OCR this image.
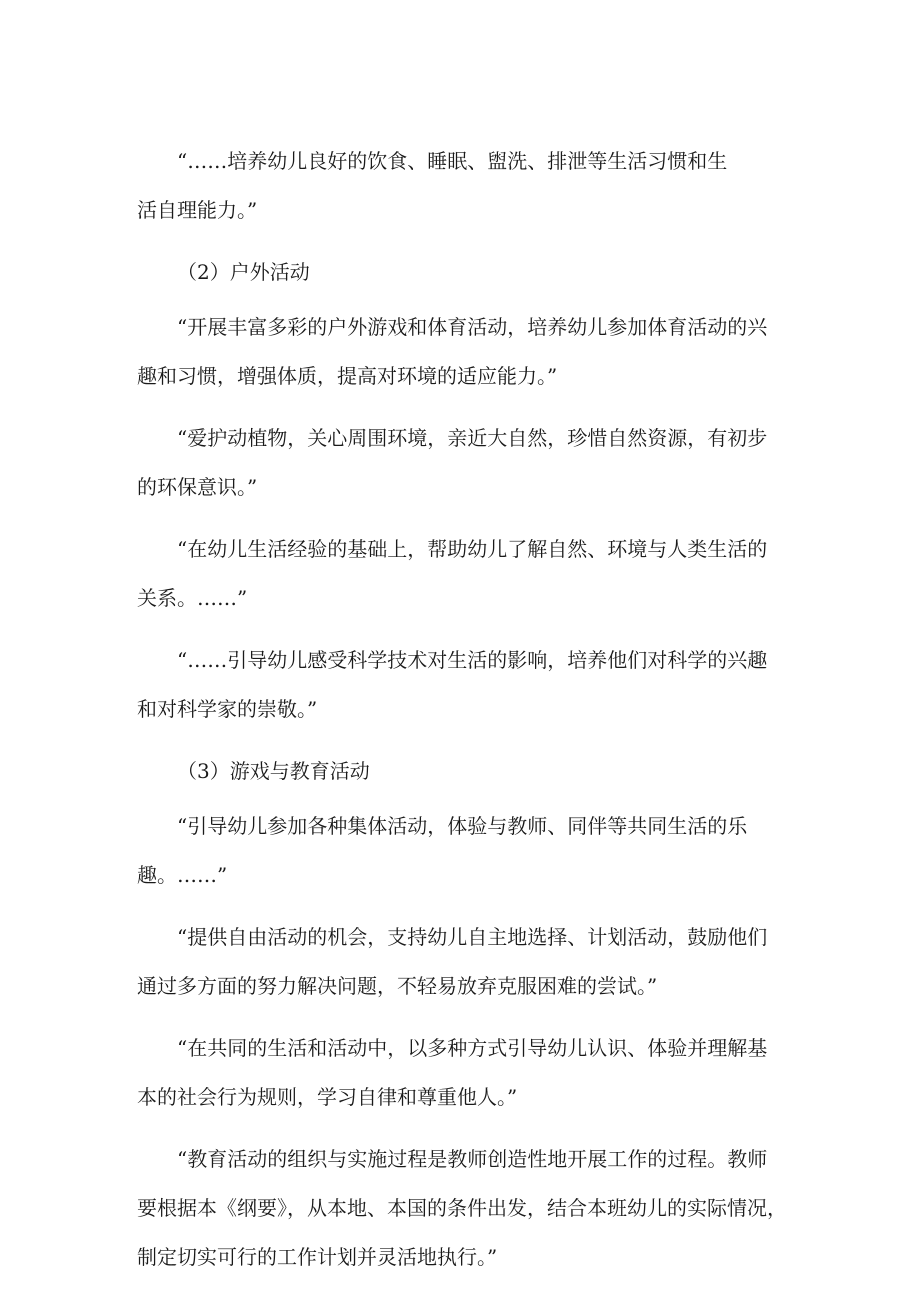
“……培养幼儿良好的饮食、睡眠、盥洗、排泄等生活习惯和生
活自理能力。”

（2）户外活动

“开展丰富多彩的户外游戏和体育活动，培养幼儿参加体育活动的兴
趣和习惯，增强体质，提高对环境的适应能力。”

“爱护动植物，关心周围环境，亲近大自然，珍惜自然资源，有初步
的环保意识。”

“在幼儿生活经验的基础上，帮助幼儿了解自然、环境与人类生活的
关系。……”

“……引导幼儿感受科学技术对生活的影响，培养他们对科学的兴趣
和对科学家的崇敬。”

（3）游戏与教育活动

“引导幼儿参加各种集体活动，体验与教师、同伴等共同生活的乐
趣。……”

“提供自由活动的机会，支持幼儿自主地选择、计划活动，鼓励他们
通过多方面的努力解决问题，不轻易放弃克服困难的尝试。”

“在共同的生活和活动中，以多种方式引导幼儿认识、体验并理解基
本的社会行为规则，学习自律和尊重他人。”

“教育活动的组织与实施过程是教师创造性地开展工作的过程。教师
要根据本《纲要》，从本地、本国的条件出发，结合本班幼儿的实际情况，
制定切实可行的工作计划并灵活地执行。”
